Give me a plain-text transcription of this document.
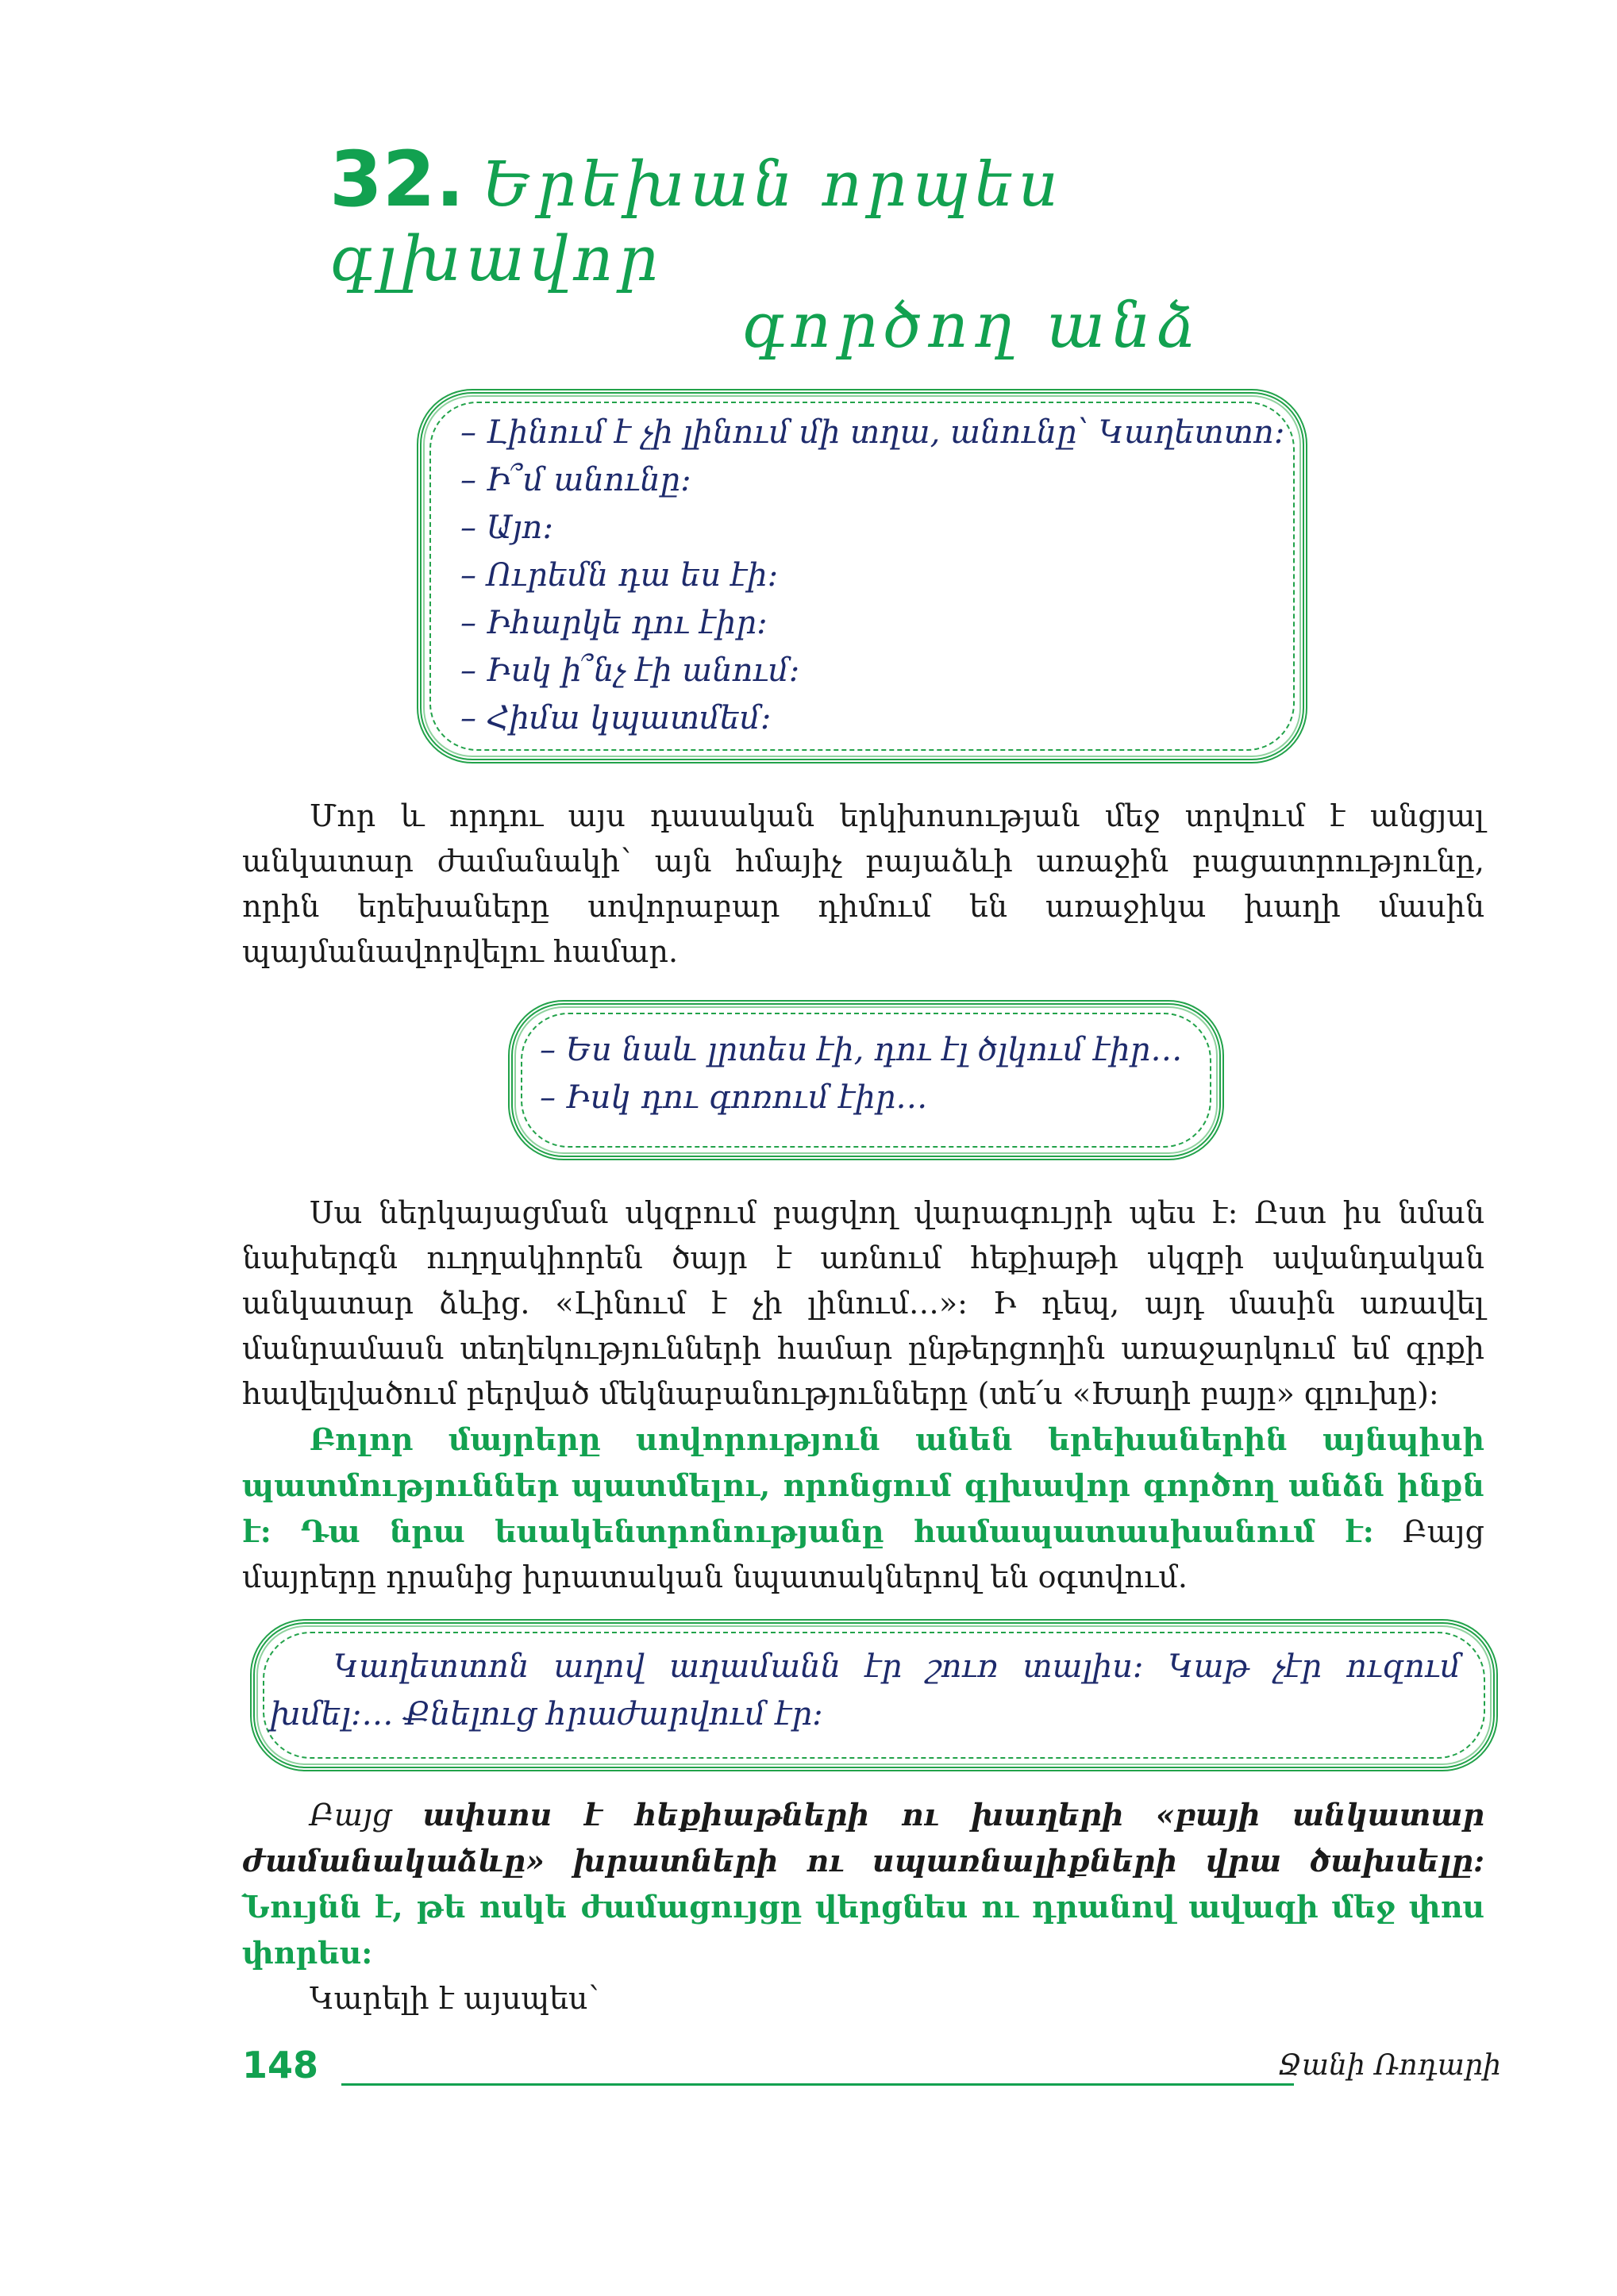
32. Երեխան որպես գլխավոր
գործող անձ
– Լինում է չի լինում մի տղա, անունը՝ Կաղետտո:
– Ի՞մ անունը:
– Այո:
– Ուրեմն դա ես էի:
– Իհարկե դու էիր:
– Իսկ ի՞նչ էի անում:
– Հիմա կպատմեմ:

Մոր և որդու այս դասական երկխոսության մեջ տրվում է անցյալ անկատար ժամանակի՝ այն հմայիչ բայաձևի առաջին բացատրությունը, որին երեխաները սովորաբար դիմում են առաջիկա խաղի մասին պայմանավորվելու համար.

– Ես նաև լրտես էի, դու էլ ծլկում էիր…
– Իսկ դու գոռում էիր…

Սա ներկայացման սկզբում բացվող վարագույրի պես է: Ըստ իս նման նախերգն ուղղակիորեն ծայր է առնում հեքիաթի սկզբի ավանդական անկատար ձևից. «Լինում է չի լինում…»: Ի դեպ, այդ մասին առավել մանրամասն տեղեկությունների համար ընթերցողին առաջարկում եմ գրքի հավելվածում բերված մեկնաբանությունները (տե՛ս «Խաղի բայը» գլուխը):

Բոլոր մայրերը սովորություն անեն երեխաներին այնպիսի պատմություններ պատմելու, որոնցում գլխավոր գործող անձն ինքն է: Դա նրա եսակենտրոնությանը համապատասխանում է: Բայց մայրերը դրանից խրատական նպատակներով են օգտվում.

Կաղետտոն աղով աղամանն էր շուռ տալիս: Կաթ չէր ուզում խմել:… Քնելուց հրաժարվում էր:

Բայց ափսոս է հեքիաթների ու խաղերի «բայի անկատար ժամանակաձևը» խրատների ու սպառնալիքների վրա ծախսելը: Նույնն է, թե ոսկե ժամացույցը վերցնես ու դրանով ավազի մեջ փոս փորես:

Կարելի է այսպես՝

148	Ջանի Ռոդարի
